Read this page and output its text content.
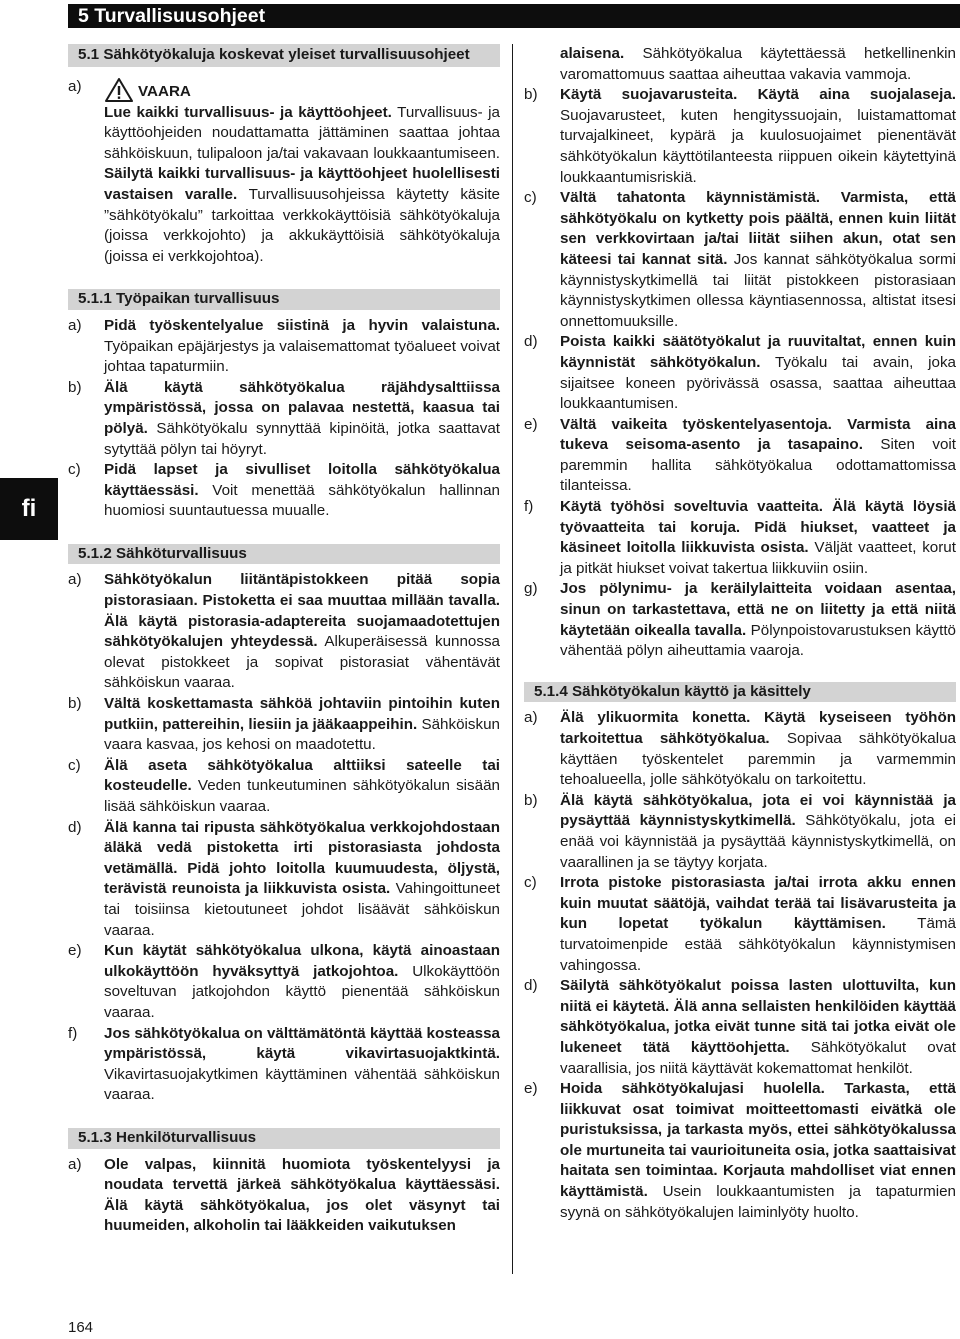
5 Turvallisuusohjeet
fi
5.1 Sähkötyökaluja koskevat yleiset turvallisuusohjeet
a)	VAARA
Lue kaikki turvallisuus- ja käyttöohjeet. Turvallisuus- ja käyttöohjeiden noudattamatta jättäminen saattaa johtaa sähköiskuun, tulipaloon ja/tai vakavaan loukkaantumiseen. Säilytä kaikki turvallisuus- ja käyttöohjeet huolellisesti vastaisen varalle. Turvallisuusohjeissa käytetty käsite ”sähkötyökalu” tarkoittaa verkkokäyttöisiä sähkötyökaluja (joissa verkkojohto) ja akkukäyttöisiä sähkötyökaluja (joissa ei verkkojohtoa).
5.1.1 Työpaikan turvallisuus
a) Pidä työskentelyalue siistinä ja hyvin valaistuna. Työpaikan epäjärjestys ja valaisemattomat työalueet voivat johtaa tapaturmiin.
b) Älä käytä sähkötyökalua räjähdysalttiissa ympäristössä, jossa on palavaa nestettä, kaasua tai pölyä. Sähkötyökalu synnyttää kipinöitä, jotka saattavat sytyttää pölyn tai höyryt.
c) Pidä lapset ja sivulliset loitolla sähkötyökalua käyttäessäsi. Voit menettää sähkötyökalun hallinnan huomiosi suuntautuessa muualle.
5.1.2 Sähköturvallisuus
a) Sähkötyökalun liitäntäpistokkeen pitää sopia pistorasiaan. Pistoketta ei saa muuttaa millään tavalla. Älä käytä pistorasia-adaptereita suojamaadotettujen sähkötyökalujen yhteydessä. Alkuperäisessä kunnossa olevat pistokkeet ja sopivat pistorasiat vähentävät sähköiskun vaaraa.
b) Vältä koskettamasta sähköä johtaviin pintoihin kuten putkiin, pattereihin, liesiin ja jääkaappeihin. Sähköiskun vaara kasvaa, jos kehosi on maadotettu.
c) Älä aseta sähkötyökalua alttiiksi sateelle tai kosteudelle. Veden tunkeutuminen sähkötyökalun sisään lisää sähköiskun vaaraa.
d) Älä kanna tai ripusta sähkötyökalua verkkojohdostaan äläkä vedä pistoketta irti pistorasiasta johdosta vetämällä. Pidä johto loitolla kuumuudesta, öljystä, terävistä reunoista ja liikkuvista osista. Vahingoittuneet tai toisiinsa kietoutuneet johdot lisäävät sähköiskun vaaraa.
e) Kun käytät sähkötyökalua ulkona, käytä ainoastaan ulkokäyttöön hyväksyttyä jatkojohtoa. Ulkokäyttöön soveltuvan jatkojohdon käyttö pienentää sähköiskun vaaraa.
f) Jos sähkötyökalua on välttämätöntä käyttää kosteassa ympäristössä, käytä vikavirtasuojaktkintä. Vikavirtasuojakytkimen käyttäminen vähentää sähköiskun vaaraa.
5.1.3 Henkilöturvallisuus
a) Ole valpas, kiinnitä huomiota työskentelyysi ja noudata tervettä järkeä sähkötyökalua käyttäessäsi. Älä käytä sähkötyökalua, jos olet väsynyt tai huumeiden, alkoholin tai lääkkeiden vaikutuksen
alaisena. Sähkötyökalua käytettäessä hetkellinenkin varomattomuus saattaa aiheuttaa vakavia vammoja.
b) Käytä suojavarusteita. Käytä aina suojalaseja. Suojavarusteet, kuten hengityssuojain, luistamattomat turvajalkineet, kypärä ja kuulosuojaimet pienentävät sähkötyökalun käyttötilanteesta riippuen oikein käytettyinä loukkaantumisriskiä.
c) Vältä tahatonta käynnistämistä. Varmista, että sähkötyökalu on kytketty pois päältä, ennen kuin liität sen verkkovirtaan ja/tai liität siihen akun, otat sen käteesi tai kannat sitä. Jos kannat sähkötyökalua sormi käynnistyskytkimellä tai liität pistokkeen pistorasiaan käynnistyskytkimen ollessa käyntiasennossa, altistat itsesi onnettomuuksille.
d) Poista kaikki säätötyökalut ja ruuvitaltat, ennen kuin käynnistät sähkötyökalun. Työkalu tai avain, joka sijaitsee koneen pyörivässä osassa, saattaa aiheuttaa loukkaantumisen.
e) Vältä vaikeita työskentelyasentoja. Varmista aina tukeva seisoma-asento ja tasapaino. Siten voit paremmin hallita sähkötyökalua odottamattomissa tilanteissa.
f) Käytä työhösi soveltuvia vaatteita. Älä käytä löysiä työvaatteita tai koruja. Pidä hiukset, vaatteet ja käsineet loitolla liikkuvista osista. Väljät vaatteet, korut ja pitkät hiukset voivat takertua liikkuviin osiin.
g) Jos pölynimu- ja keräilylaitteita voidaan asentaa, sinun on tarkastettava, että ne on liitetty ja että niitä käytetään oikealla tavalla. Pölynpoistovarustuksen käyttö vähentää pölyn aiheuttamia vaaroja.
5.1.4 Sähkötyökalun käyttö ja käsittely
a) Älä ylikuormita konetta. Käytä kyseiseen työhön tarkoitettua sähkötyökalua. Sopivaa sähkötyökalua käyttäen työskentelet paremmin ja varmemmin tehoalueella, jolle sähkötyökalu on tarkoitettu.
b) Älä käytä sähkötyökalua, jota ei voi käynnistää ja pysäyttää käynnistyskytkimellä. Sähkötyökalu, jota ei enää voi käynnistää ja pysäyttää käynnistyskytkimellä, on vaarallinen ja se täytyy korjata.
c) Irrota pistoke pistorasiasta ja/tai irrota akku ennen kuin muutat säätöjä, vaihdat terää tai lisävarusteita ja kun lopetat työkalun käyttämisen. Tämä turvatoimenpide estää sähkötyökalun käynnistymisen vahingossa.
d) Säilytä sähkötyökalut poissa lasten ulottuvilta, kun niitä ei käytetä. Älä anna sellaisten henkilöiden käyttää sähkötyökalua, jotka eivät tunne sitä tai jotka eivät ole lukeneet tätä käyttöohjetta. Sähkötyökalut ovat vaarallisia, jos niitä käyttävät kokemattomat henkilöt.
e) Hoida sähkötyökalujasi huolella. Tarkasta, että liikkuvat osat toimivat moitteettomasti eivätkä ole puristuksissa, ja tarkasta myös, ettei sähkötyökalussa ole murtuneita tai vaurioituneita osia, jotka saattaisivat haitata sen toimintaa. Korjauta mahdolliset viat ennen käyttämistä. Usein loukkaantumisten ja tapaturmien syynä on sähkötyökalujen laiminlyöty huolto.
164
